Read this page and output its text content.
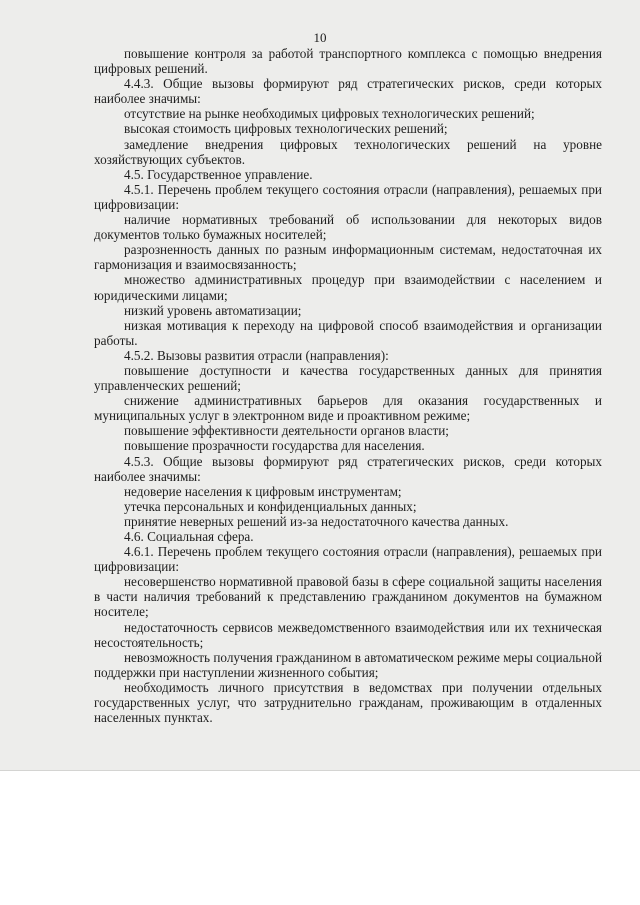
10

повышение контроля за работой транспортного комплекса с помощью внедрения цифровых решений.

4.4.3. Общие вызовы формируют ряд стратегических рисков, среди которых наиболее значимы:

отсутствие на рынке необходимых цифровых технологических решений;

высокая стоимость цифровых технологических решений;

замедление внедрения цифровых технологических решений на уровне хозяйствующих субъектов.

4.5. Государственное управление.

4.5.1. Перечень проблем текущего состояния отрасли (направления), решаемых при цифровизации:

наличие нормативных требований об использовании для некоторых видов документов только бумажных носителей;

разрозненность данных по разным информационным системам, недостаточная их гармонизация и взаимосвязанность;

множество административных процедур при взаимодействии с населением и юридическими лицами;

низкий уровень автоматизации;

низкая мотивация к переходу на цифровой способ взаимодействия и организации работы.

4.5.2. Вызовы развития отрасли (направления):

повышение доступности и качества государственных данных для принятия управленческих решений;

снижение административных барьеров для оказания государственных и муниципальных услуг в электронном виде и проактивном режиме;

повышение эффективности деятельности органов власти;

повышение прозрачности государства для населения.

4.5.3. Общие вызовы формируют ряд стратегических рисков, среди которых наиболее значимы:

недоверие населения к цифровым инструментам;

утечка персональных и конфиденциальных данных;

принятие неверных решений из-за недостаточного качества данных.

4.6. Социальная сфера.

4.6.1. Перечень проблем текущего состояния отрасли (направления), решаемых при цифровизации:

несовершенство нормативной правовой базы в сфере социальной защиты населения в части наличия требований к представлению гражданином документов на бумажном носителе;

недостаточность сервисов межведомственного взаимодействия или их техническая несостоятельность;

невозможность получения гражданином в автоматическом режиме меры социальной поддержки при наступлении жизненного события;

необходимость личного присутствия в ведомствах при получении отдельных государственных услуг, что затруднительно гражданам, проживающим в отдаленных населенных пунктах.
